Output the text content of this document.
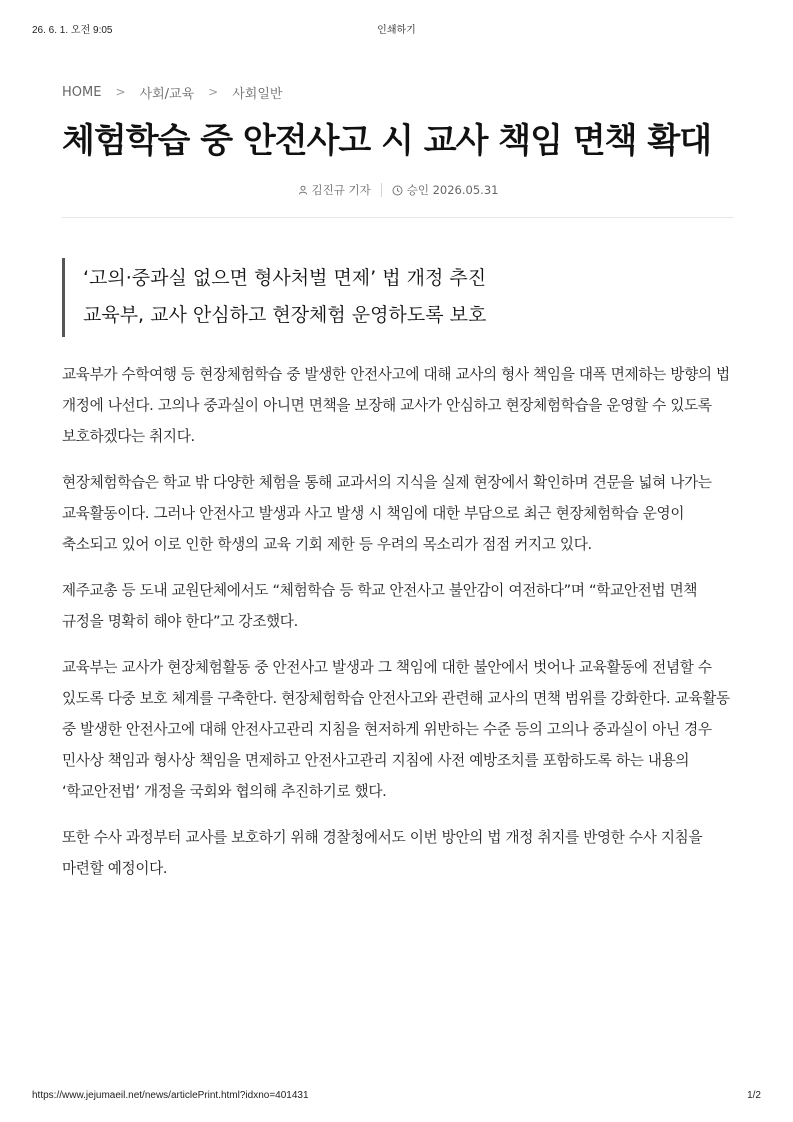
26. 6. 1. 오전 9:05	인쇄하기
HOME > 사회/교육 > 사회일반
체험학습 중 안전사고 시 교사 책임 면책 확대
김진규 기자	승인 2026.05.31

‘고의·중과실 없으면 형사처벌 면제’ 법 개정 추진

교육부, 교사 안심하고 현장체험 운영하도록 보호

교육부가 수학여행 등 현장체험학습 중 발생한 안전사고에 대해 교사의 형사 책임을 대폭 면제하는 방향의 법 개정에 나선다. 고의나 중과실이 아니면 면책을 보장해 교사가 안심하고 현장체험학습을 운영할 수 있도록 보호하겠다는 취지다.

현장체험학습은 학교 밖 다양한 체험을 통해 교과서의 지식을 실제 현장에서 확인하며 견문을 넓혀 나가는 교육활동이다. 그러나 안전사고 발생과 사고 발생 시 책임에 대한 부담으로 최근 현장체험학습 운영이 축소되고 있어 이로 인한 학생의 교육 기회 제한 등 우려의 목소리가 점점 커지고 있다.

제주교총 등 도내 교원단체에서도 “체험학습 등 학교 안전사고 불안감이 여전하다”며 “학교안전법 면책 규정을 명확히 해야 한다”고 강조했다.

교육부는 교사가 현장체험활동 중 안전사고 발생과 그 책임에 대한 불안에서 벗어나 교육활동에 전념할 수 있도록 다중 보호 체계를 구축한다. 현장체험학습 안전사고와 관련해 교사의 면책 범위를 강화한다. 교육활동 중 발생한 안전사고에 대해 안전사고관리 지침을 현저하게 위반하는 수준 등의 고의나 중과실이 아닌 경우 민사상 책임과 형사상 책임을 면제하고 안전사고관리 지침에 사전 예방조치를 포함하도록 하는 내용의 ‘학교안전법’ 개정을 국회와 협의해 추진하기로 했다.

또한 수사 과정부터 교사를 보호하기 위해 경찰청에서도 이번 방안의 법 개정 취지를 반영한 수사 지침을 마련할 예정이다.

https://www.jejumaeil.net/news/articlePrint.html?idxno=401431	1/2
